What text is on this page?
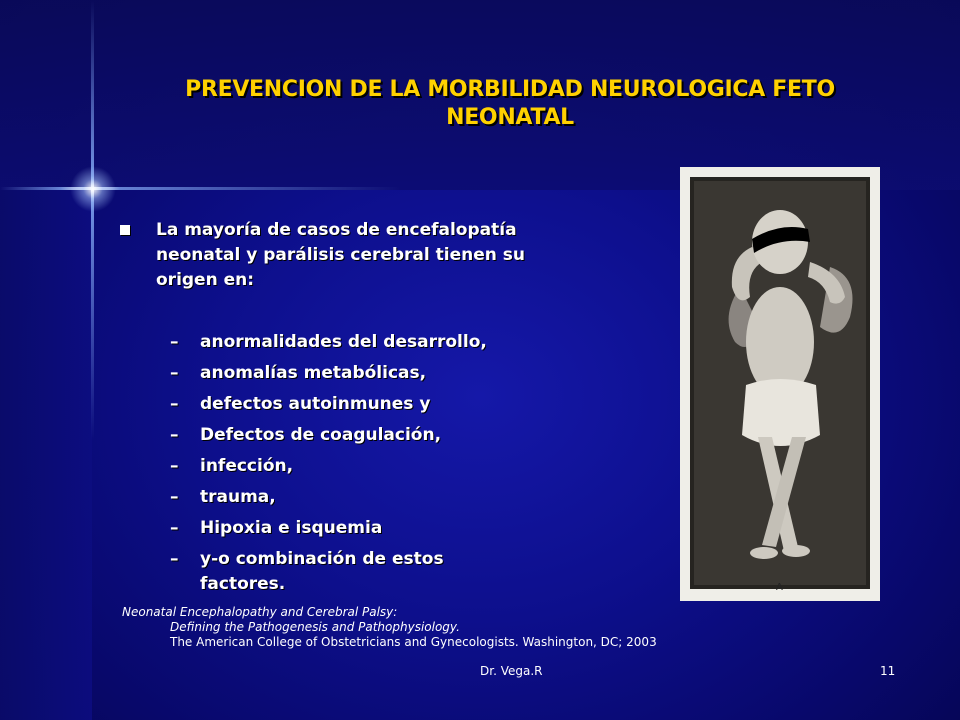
PREVENCION DE LA MORBILIDAD NEUROLOGICA FETO NEONATAL
La mayoría de casos de encefalopatía neonatal y parálisis cerebral tienen su origen en:
–	anormalidades del desarrollo,
–	anomalías metabólicas,
–	defectos autoinmunes y
–	Defectos de coagulación,
–	infección,
–	trauma,
–	Hipoxia e isquemia
–	y-o combinación de estos factores.	A
Neonatal Encephalopathy and Cerebral Palsy:
Defining the Pathogenesis and Pathophysiology.
The American College of Obstetricians and Gynecologists. Washington, DC; 2003
Dr. Vega.R	11
